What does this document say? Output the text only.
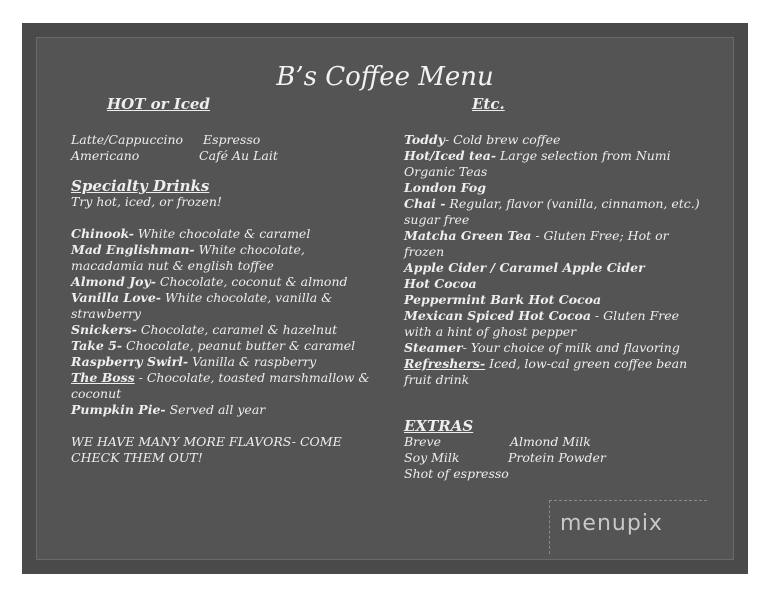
B’s Coffee Menu
HOT or Iced
Latte/Cappuccino	Espresso
Americano	Café Au Lait
Specialty Drinks
Try hot, iced, or frozen!
Chinook- White chocolate & caramel
Mad Englishman- White chocolate, macadamia nut & english toffee
Almond Joy- Chocolate, coconut & almond
Vanilla Love- White chocolate, vanilla & strawberry
Snickers- Chocolate, caramel & hazelnut
Take 5- Chocolate, peanut butter & caramel
Raspberry Swirl- Vanilla & raspberry
The Boss - Chocolate, toasted marshmallow & coconut
Pumpkin Pie- Served all year
WE HAVE MANY MORE FLAVORS- COME CHECK THEM OUT!
Etc.
Toddy- Cold brew coffee
Hot/Iced tea- Large selection from Numi Organic Teas
London Fog
Chai - Regular, flavor (vanilla, cinnamon, etc.) sugar free
Matcha Green Tea - Gluten Free; Hot or frozen
Apple Cider / Caramel Apple Cider
Hot Cocoa
Peppermint Bark Hot Cocoa
Mexican Spiced Hot Cocoa - Gluten Free with a hint of ghost pepper
Steamer- Your choice of milk and flavoring
Refreshers- Iced, low-cal green coffee bean fruit drink
EXTRAS
Breve	Almond Milk
Soy Milk	Protein Powder
Shot of espresso
menupix
